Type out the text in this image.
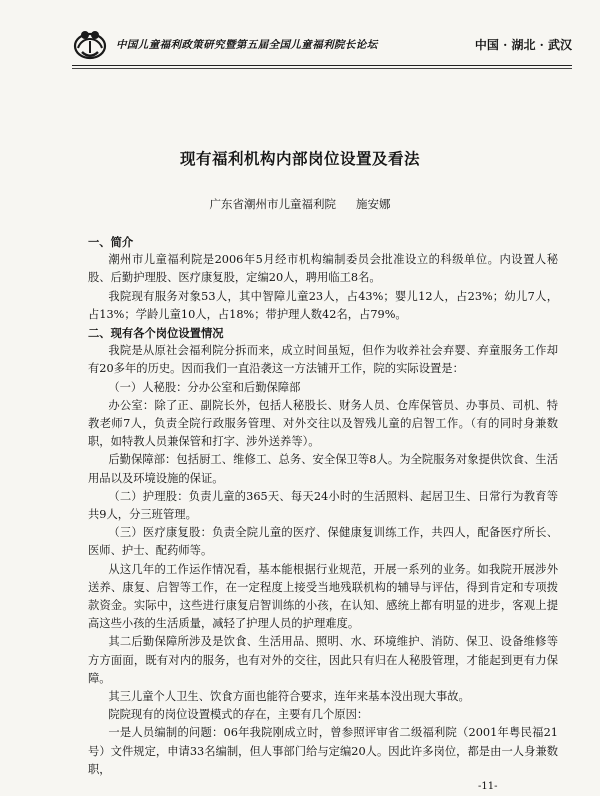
中国儿童福利政策研究暨第五届全国儿童福利院长论坛	中国 · 湖北 · 武汉
现有福利机构内部岗位设置及看法
广东省潮州市儿童福利院 施安娜

一、简介

潮州市儿童福利院是2006年5月经市机构编制委员会批准设立的科级单位。内设置人秘股、后勤护理股、医疗康复股，定编20人，聘用临工8名。

我院现有服务对象53人，其中智障儿童23人，占43%；婴儿12人，占23%；幼儿7人，占13%；学龄儿童10人，占18%；带护理人数42名，占79%。

二、现有各个岗位设置情况

我院是从原社会福利院分拆而来，成立时间虽短，但作为收养社会弃婴、弃童服务工作却有20多年的历史。因而我们一直沿袭这一方法铺开工作，院的实际设置是：

（一）人秘股：分办公室和后勤保障部

办公室：除了正、副院长外，包括人秘股长、财务人员、仓库保管员、办事员、司机、特教老师7人，负责全院行政服务管理、对外交往以及智残儿童的启智工作。（有的同时身兼数职，如特教人员兼保管和打字、涉外送养等）。

后勤保障部：包括厨工、维修工、总务、安全保卫等8人。为全院服务对象提供饮食、生活用品以及环境设施的保证。

（二）护理股：负责儿童的365天、每天24小时的生活照料、起居卫生、日常行为教育等共9人，分三班管理。

（三）医疗康复股：负责全院儿童的医疗、保健康复训练工作，共四人，配备医疗所长、医师、护士、配药师等。

从这几年的工作运作情况看，基本能根据行业规范，开展一系列的业务。如我院开展涉外送养、康复、启智等工作，在一定程度上接受当地残联机构的辅导与评估，得到肯定和专项拨款资金。实际中，这些进行康复启智训练的小孩，在认知、感统上都有明显的进步，客观上提高这些小孩的生活质量，减轻了护理人员的护理难度。

其二后勤保障所涉及是饮食、生活用品、照明、水、环境维护、消防、保卫、设备维修等方方面面，既有对内的服务，也有对外的交往，因此只有归在人秘股管理，才能起到更有力保障。

其三儿童个人卫生、饮食方面也能符合要求，连年来基本没出现大事故。

院院现有的岗位设置模式的存在，主要有几个原因：

一是人员编制的问题：06年我院刚成立时，曾参照评审省二级福利院（2001年粤民福21号）文件规定，申请33名编制，但人事部门给与定编20人。因此许多岗位，都是由一人身兼数职，

-11-
